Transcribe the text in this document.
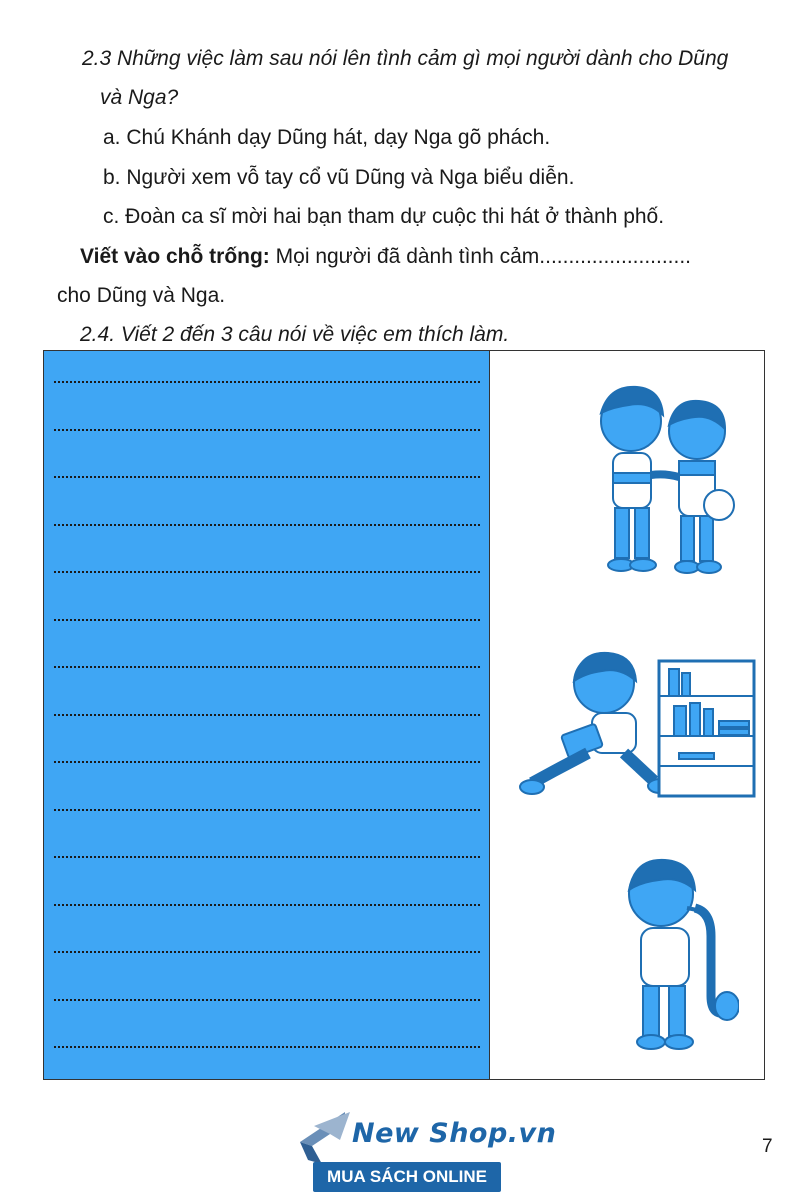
2.3 Những việc làm sau nói lên tình cảm gì mọi người dành cho Dũng
và Nga?
a. Chú Khánh dạy Dũng hát, dạy Nga gõ phách.
b. Người xem vỗ tay cổ vũ Dũng và Nga biểu diễn.
c. Đoàn ca sĩ mời hai bạn tham dự cuộc thi hát ở thành phố.
Viết vào chỗ trống: Mọi người đã dành tình cảm..........................
cho Dũng và Nga.
2.4. Viết 2 đến 3 câu nói về việc em thích làm.
New Shop.vn
MUA SÁCH ONLINE
7
